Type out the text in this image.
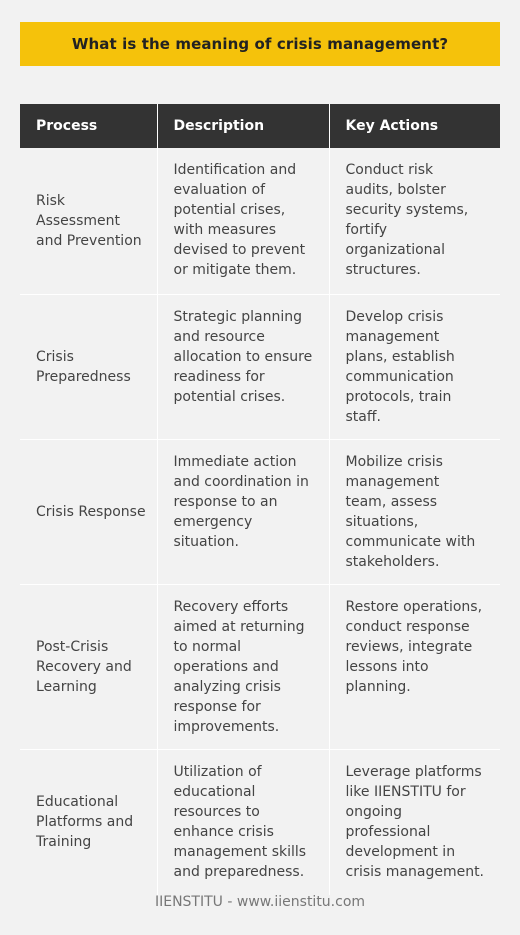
What is the meaning of crisis management?
Process	Description	Key Actions
Risk Assessment and Prevention	Identification and evaluation of potential crises, with measures devised to prevent or mitigate them.	Conduct risk audits, bolster security systems, fortify organizational structures.
Crisis Preparedness	Strategic planning and resource allocation to ensure readiness for potential crises.	Develop crisis management plans, establish communication protocols, train staff.
Crisis Response	Immediate action and coordination in response to an emergency situation.	Mobilize crisis management team, assess situations, communicate with stakeholders.
Post-Crisis Recovery and Learning	Recovery efforts aimed at returning to normal operations and analyzing crisis response for improvements.	Restore operations, conduct response reviews, integrate lessons into planning.
Educational Platforms and Training	Utilization of educational resources to enhance crisis management skills and preparedness.	Leverage platforms like IIENSTITU for ongoing professional development in crisis management.
IIENSTITU - www.iienstitu.com
